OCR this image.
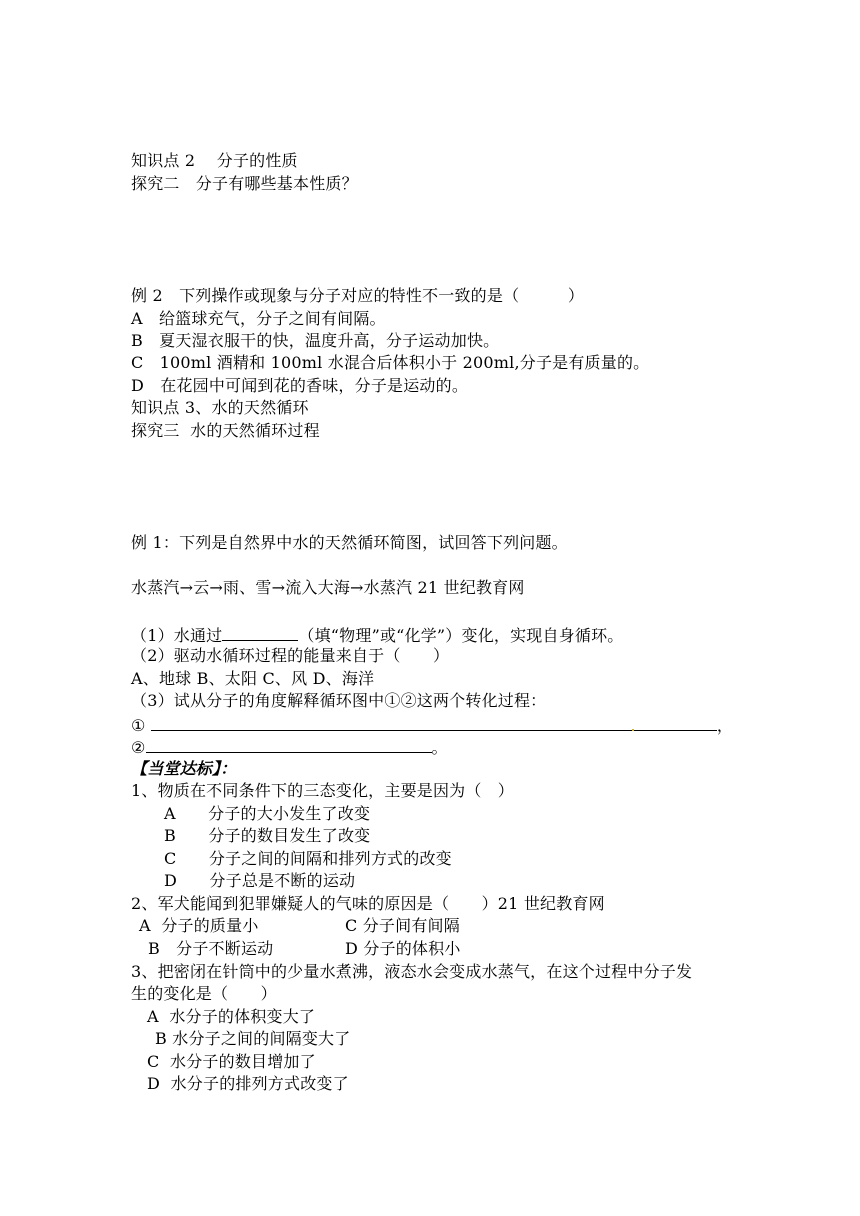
知识点 2　 分子的性质
探究二　分子有哪些基本性质？
例 2　下列操作或现象与分子对应的特性不一致的是（　　　）
A　给篮球充气，分子之间有间隔。
B　夏天湿衣服干的快，温度升高，分子运动加快。
C　100ml 酒精和 100ml 水混合后体积小于 200ml,分子是有质量的。
D　在花园中可闻到花的香味，分子是运动的。
知识点 3、水的天然循环
探究三  水的天然循环过程
例 1：下列是自然界中水的天然循环简图，试回答下列问题。
水蒸汽→云→雨、雪→流入大海→水蒸汽 21 世纪教育网
（1）水通过	（填“物理”或“化学”）变化，实现自身循环。
（2）驱动水循环过程的能量来自于（　　）
A、地球 B、太阳 C、风 D、海洋
（3）试从分子的角度解释循环图中①②这两个转化过程：
①	，
②	。
【当堂达标】：
1、物质在不同条件下的三态变化，主要是因为（　）
A　　分子的大小发生了改变
B　　分子的数目发生了改变
C　　分子之间的间隔和排列方式的改变
D　　分子总是不断的运动
2、军犬能闻到犯罪嫌疑人的气味的原因是（　　）21 世纪教育网
A  分子的质量小	C 分子间有间隔
B　分子不断运动	D 分子的体积小
3、把密闭在针筒中的少量水煮沸，液态水会变成水蒸气，在这个过程中分子发
生的变化是（　　）
A  水分子的体积变大了
B 水分子之间的间隔变大了
C  水分子的数目增加了
D  水分子的排列方式改变了
